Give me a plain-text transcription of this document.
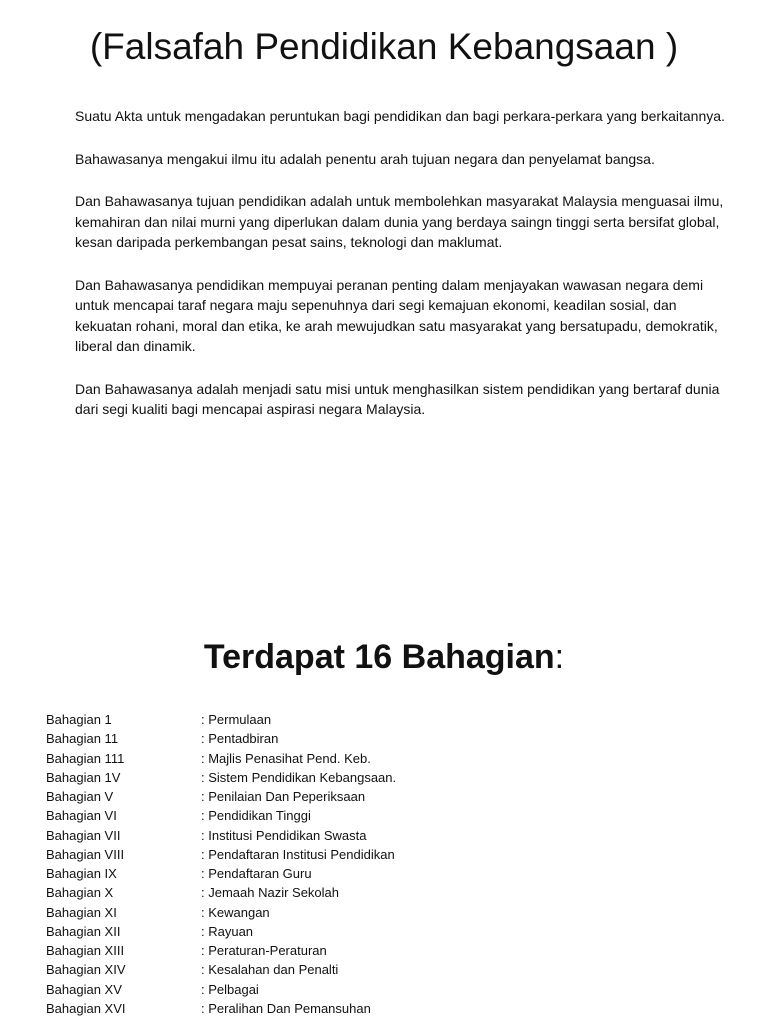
(Falsafah Pendidikan Kebangsaan )

Suatu Akta untuk mengadakan peruntukan bagi pendidikan dan bagi perkara-perkara yang berkaitannya.

Bahawasanya mengakui ilmu itu adalah penentu arah tujuan negara dan penyelamat bangsa.

Dan Bahawasanya tujuan pendidikan adalah untuk membolehkan masyarakat Malaysia menguasai ilmu, kemahiran dan nilai murni yang diperlukan dalam dunia yang berdaya saingn tinggi serta bersifat global, kesan daripada perkembangan pesat sains, teknologi dan maklumat.

Dan Bahawasanya pendidikan mempuyai peranan penting dalam menjayakan wawasan negara demi untuk mencapai taraf negara maju sepenuhnya dari segi kemajuan ekonomi, keadilan sosial, dan kekuatan rohani, moral dan etika, ke arah mewujudkan satu masyarakat yang bersatupadu, demokratik, liberal dan dinamik.

Dan Bahawasanya adalah menjadi satu misi untuk menghasilkan sistem pendidikan yang bertaraf dunia dari segi kualiti bagi mencapai aspirasi negara Malaysia.

Terdapat 16 Bahagian:
Bahagian 1	: Permulaan
Bahagian 11	: Pentadbiran
Bahagian 111	: Majlis Penasihat Pend. Keb.
Bahagian 1V	: Sistem Pendidikan Kebangsaan.
Bahagian V	: Penilaian Dan Peperiksaan
Bahagian VI	: Pendidikan Tinggi
Bahagian VII	: Institusi Pendidikan Swasta
Bahagian VIII	: Pendaftaran Institusi Pendidikan
Bahagian IX	: Pendaftaran Guru
Bahagian X	: Jemaah Nazir Sekolah
Bahagian XI	: Kewangan
Bahagian XII	: Rayuan
Bahagian XIII	: Peraturan-Peraturan
Bahagian XIV	: Kesalahan dan Penalti
Bahagian XV	: Pelbagai
Bahagian XVI	: Peralihan Dan Pemansuhan
